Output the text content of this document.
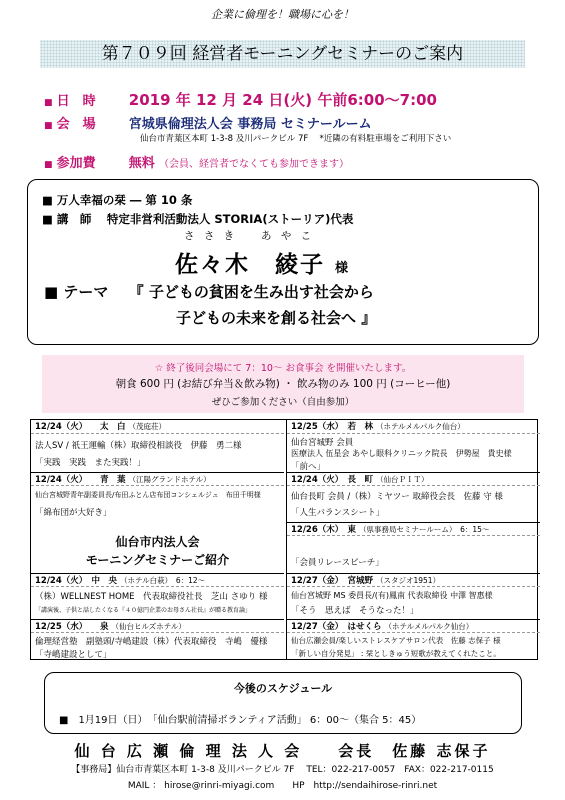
企業に倫理を！職場に心を！
第７０９回 経営者モーニングセミナーのご案内
■ 日　時 2019 年 12 月 24 日(火) 午前6:00～7:00
■ 会　場	宮城県倫理法人会 事務局 セミナールーム
仙台市青葉区本町 1-3-8 及川パークビル 7F　 *近隣の有料駐車場をご利用下さい
■ 参加費	無料 （会員、経営者でなくても参加できます）
■ 万人幸福の栞 ― 第 10 条
■ 講　師　 特定非営利活動法人 STORIA(ストーリア)代表
さ さ き あ や こ
佐々木　綾子 様
■ テーマ　 『 子どもの貧困を生み出す社会から
子どもの未来を創る社会へ 』
☆ 終了後同会場にて 7：10～ お食事会 を開催いたします。
朝食 600 円 (お結び弁当＆飲み物) ・ 飲み物のみ 100 円 (コーヒー他)
ぜひご参加ください（自由参加）
12/24（火）　　太　白 （茂庭荘）
法人SV / 祇王運輸（株）取締役相談役　伊藤　勇二様
「実践　実践　また実践！」
12/24（火）　　青　葉 （江陽グランドホテル）
仙台宮城野青年副委員長/布田ふとん店布団コンシェルジュ　布田千明様
「綿布団が大好き」
仙台市内法人会
モーニングセミナーご紹介
12/24（火）　中　央 （ホテル白萩）　6：12～
（株）WELLNEST HOME　代表取締役社長　芝山 さゆり 様
「講演後、子供と話したくなる『４０億円企業のお母さん社長』が贈る教育論」
12/25（水）　　泉 （仙台ヒルズホテル）
倫理経営塾　副塾頭/寺嶋建設（株）代表取締役　寺嶋　優様
「寺嶋建設として」
12/25（水）　若　林 （ホテルメルパルク仙台）
仙台宮城野 会員
医療法人 伍星会 あやし眼科クリニック院長　伊勢屋　貴史様
「前へ」
12/24（火）　長　町 （仙台ＰＩＴ）
仙台長町 会員 /（株）ミヤツー 取締役会長　佐藤 守 様
「人生バランスシート」
12/26（木）　東 （県事務局セミナールーム）　6：15～
「会員リレースピーチ」
12/27（金）　宮城野 （スタジオ1951）
仙台宮城野 MS 委員長/(有)鳳南 代表取締役 中澤 智惠様
「そう　思えば　そうなった！」
12/27（金）　はせくら （ホテルメルパルク仙台）
仙台広瀬会員/楽しいストレスケアサロン代表　佐藤 志保子 様
「新しい自分発見」 : 栞としきゅう短歌が教えてくれたこと。
今後のスケジュール
■　1月19日（日）　「仙台駅前清掃ボランティア活動」 6：00～（集合 5：45）
仙 台 広 瀬 倫 理 法 人 会　　会長　佐藤 志保子
【事務局】仙台市青葉区本町 1-3-8 及川パークビル 7F　 TEL：022-217-0057　FAX：022-217-0115
MAIL ： hirose@rinri-miyagi.com　　HP　http://sendaihirose-rinri.net
